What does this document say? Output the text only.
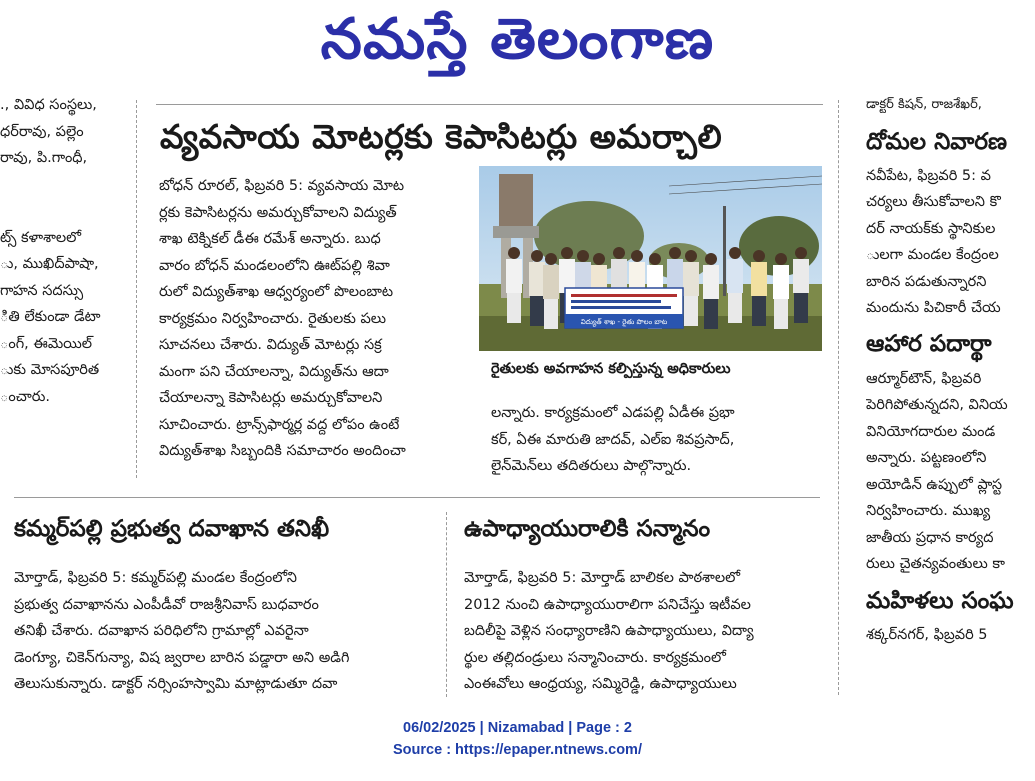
నమస్తే తెలంగాణ
., వివిధ సంస్థలు,
ధర్‌రావు, పల్లెం
రావు, పి.గాంధీ,

ట్స్ కళాశాలలో
ు, ముఖిద్‌పాషా,
గాహన సదస్సు
ితి లేకుండా డేటా
ంగ్, ఈమెయిల్
ుకు మోసపూరిత
ంచారు.
వ్యవసాయ మోటర్లకు కెపాసిటర్లు అమర్చాలి
బోధన్ రూరల్, ఫిబ్రవరి 5: వ్యవసాయ మోట
ర్లకు కెపాసిటర్లను అమర్చుకోవాలని విద్యుత్
శాఖ టెక్నికల్ డీఈ రమేశ్ అన్నారు. బుధ
వారం బోధన్ మండలంలోని ఊట్‌పల్లి శివా
రులో విద్యుత్‌శాఖ ఆధ్వర్యంలో పొలంబాట
కార్యక్రమం నిర్వహించారు. రైతులకు పలు
సూచనలు చేశారు. విద్యుత్ మోటర్లు సక్ర
మంగా పని చేయాలన్నా, విద్యుత్‌ను ఆదా
చేయాలన్నా కెపాసిటర్లు అమర్చుకోవాలని
సూచించారు. ట్రాన్స్‌ఫార్మర్ల వద్ద లోపం ఉంటే
విద్యుత్‌శాఖ సిబ్బందికి సమాచారం అందించా
విద్యుత్ శాఖ - రైతు పొలం బాట
రైతులకు అవగాహన కల్పిస్తున్న అధికారులు
లన్నారు. కార్యక్రమంలో ఎడపల్లి ఏడీఈ ప్రభా
కర్, ఏఈ మారుతి జాదవ్, ఎల్ఐ శివప్రసాద్,
లైన్‌మెన్‌లు తదితరులు పాల్గొన్నారు.
కమ్మర్‌పల్లి ప్రభుత్వ దవాఖాన తనిఖీ
మోర్తాడ్, ఫిబ్రవరి 5: కమ్మర్‌పల్లి మండల కేంద్రంలోని
ప్రభుత్వ దవాఖానను ఎంపీడీవో రాజశ్రీనివాస్ బుధవారం
తనిఖీ చేశారు. దవాఖాన పరిధిలోని గ్రామాల్లో ఎవరైనా
డెంగ్యూ, చికెన్‌గున్యా, విష జ్వరాల బారిన పడ్డారా అని అడిగి
తెలుసుకున్నారు. డాక్టర్ నర్సింహస్వామి మాట్లాడుతూ దవా
ఉపాధ్యాయురాలికి సన్మానం
మోర్తాడ్, ఫిబ్రవరి 5: మోర్తాడ్ బాలికల పాఠశాలలో
2012 నుంచి ఉపాధ్యాయురాలిగా పనిచేస్తు ఇటీవల
బదిలీపై వెళ్లిన సంధ్యారాణిని ఉపాధ్యాయులు, విద్యా
ర్థుల తల్లిదండ్రులు సన్మానించారు. కార్యక్రమంలో
ఎంఈవోలు ఆంధ్రయ్య, సమ్మిరెడ్డి, ఉపాధ్యాయులు
డాక్టర్ కిషన్, రాజశేఖర్,
దోమల నివారణ
నవీపేట, ఫిబ్రవరి 5: వ
చర్యలు తీసుకోవాలని కొ
దర్ నాయక్‌కు స్థానికుల
ులగా మండల కేంద్రంల
బారిన పడుతున్నారని
మందును పిచికారీ చేయ
ఆహార పదార్థా
ఆర్మూర్‌టౌన్, ఫిబ్రవరి
పెరిగిపోతున్నదని, వినియ
వినియోగదారుల మండ
అన్నారు. పట్టణంలోని
అయోడిన్ ఉప్పులో ప్లాస్ట
నిర్వహించారు. ముఖ్య
జాతీయ ప్రధాన కార్యద
రులు చైతన్యవంతులు కా
మహిళలు సంఘ
శక్కర్‌నగర్, ఫిబ్రవరి 5
06/02/2025 | Nizamabad | Page : 2
Source : https://epaper.ntnews.com/
